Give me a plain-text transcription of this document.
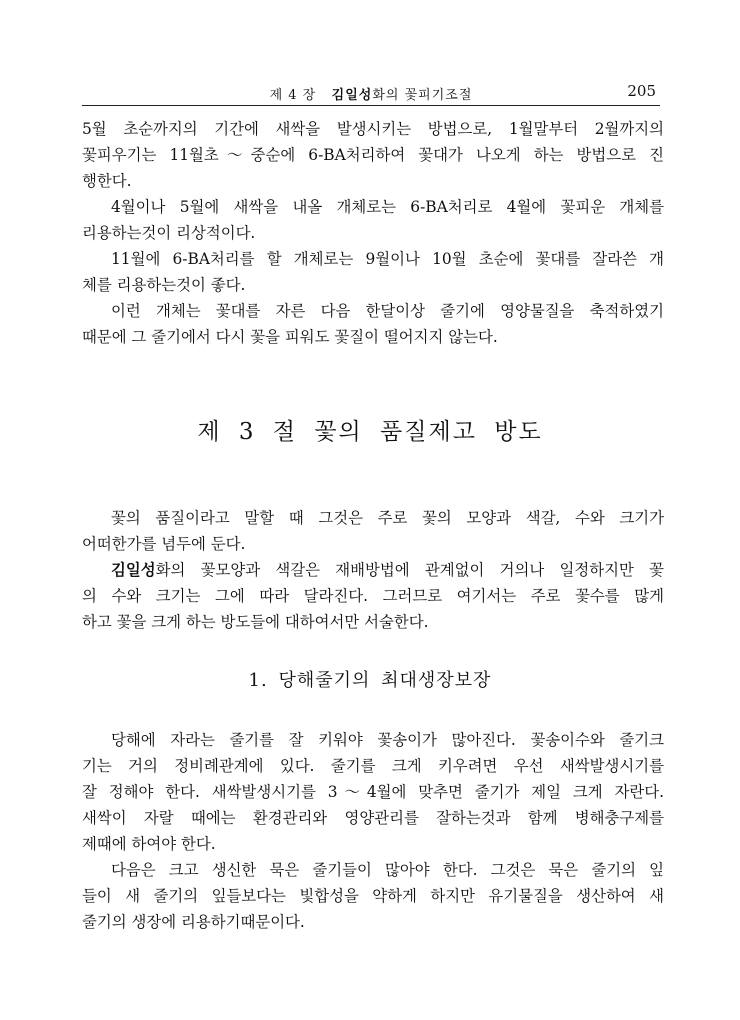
제 4 장 김일성화의 꽃피기조절	205
5월 초순까지의 기간에 새싹을 발생시키는 방법으로, 1월말부터 2월까지의
꽃피우기는 11월초～중순에 6-BA처리하여 꽃대가 나오게 하는 방법으로 진
행한다.
4월이나 5월에 새싹을 내올 개체로는 6-BA처리로 4월에 꽃피운 개체를
리용하는것이 리상적이다.
11월에 6-BA처리를 할 개체로는 9월이나 10월 초순에 꽃대를 잘라쓴 개
체를 리용하는것이 좋다.
이런 개체는 꽃대를 자른 다음 한달이상 줄기에 영양물질을 축적하였기
때문에 그 줄기에서 다시 꽃을 피워도 꽃질이 떨어지지 않는다.
제 3 절 꽃의 품질제고 방도
꽃의 품질이라고 말할 때 그것은 주로 꽃의 모양과 색갈, 수와 크기가
어떠한가를 념두에 둔다.
김일성화의 꽃모양과 색갈은 재배방법에 관계없이 거의나 일정하지만 꽃
의 수와 크기는 그에 따라 달라진다. 그러므로 여기서는 주로 꽃수를 많게
하고 꽃을 크게 하는 방도들에 대하여서만 서술한다.
1. 당해줄기의 최대생장보장
당해에 자라는 줄기를 잘 키워야 꽃송이가 많아진다. 꽃송이수와 줄기크
기는 거의 정비례관계에 있다. 줄기를 크게 키우려면 우선 새싹발생시기를
잘 정해야 한다. 새싹발생시기를 3～4월에 맞추면 줄기가 제일 크게 자란다.
새싹이 자랄 때에는 환경관리와 영양관리를 잘하는것과 함께 병해충구제를
제때에 하여야 한다.
다음은 크고 생신한 묵은 줄기들이 많아야 한다. 그것은 묵은 줄기의 잎
들이 새 줄기의 잎들보다는 빛합성을 약하게 하지만 유기물질을 생산하여 새
줄기의 생장에 리용하기때문이다.
